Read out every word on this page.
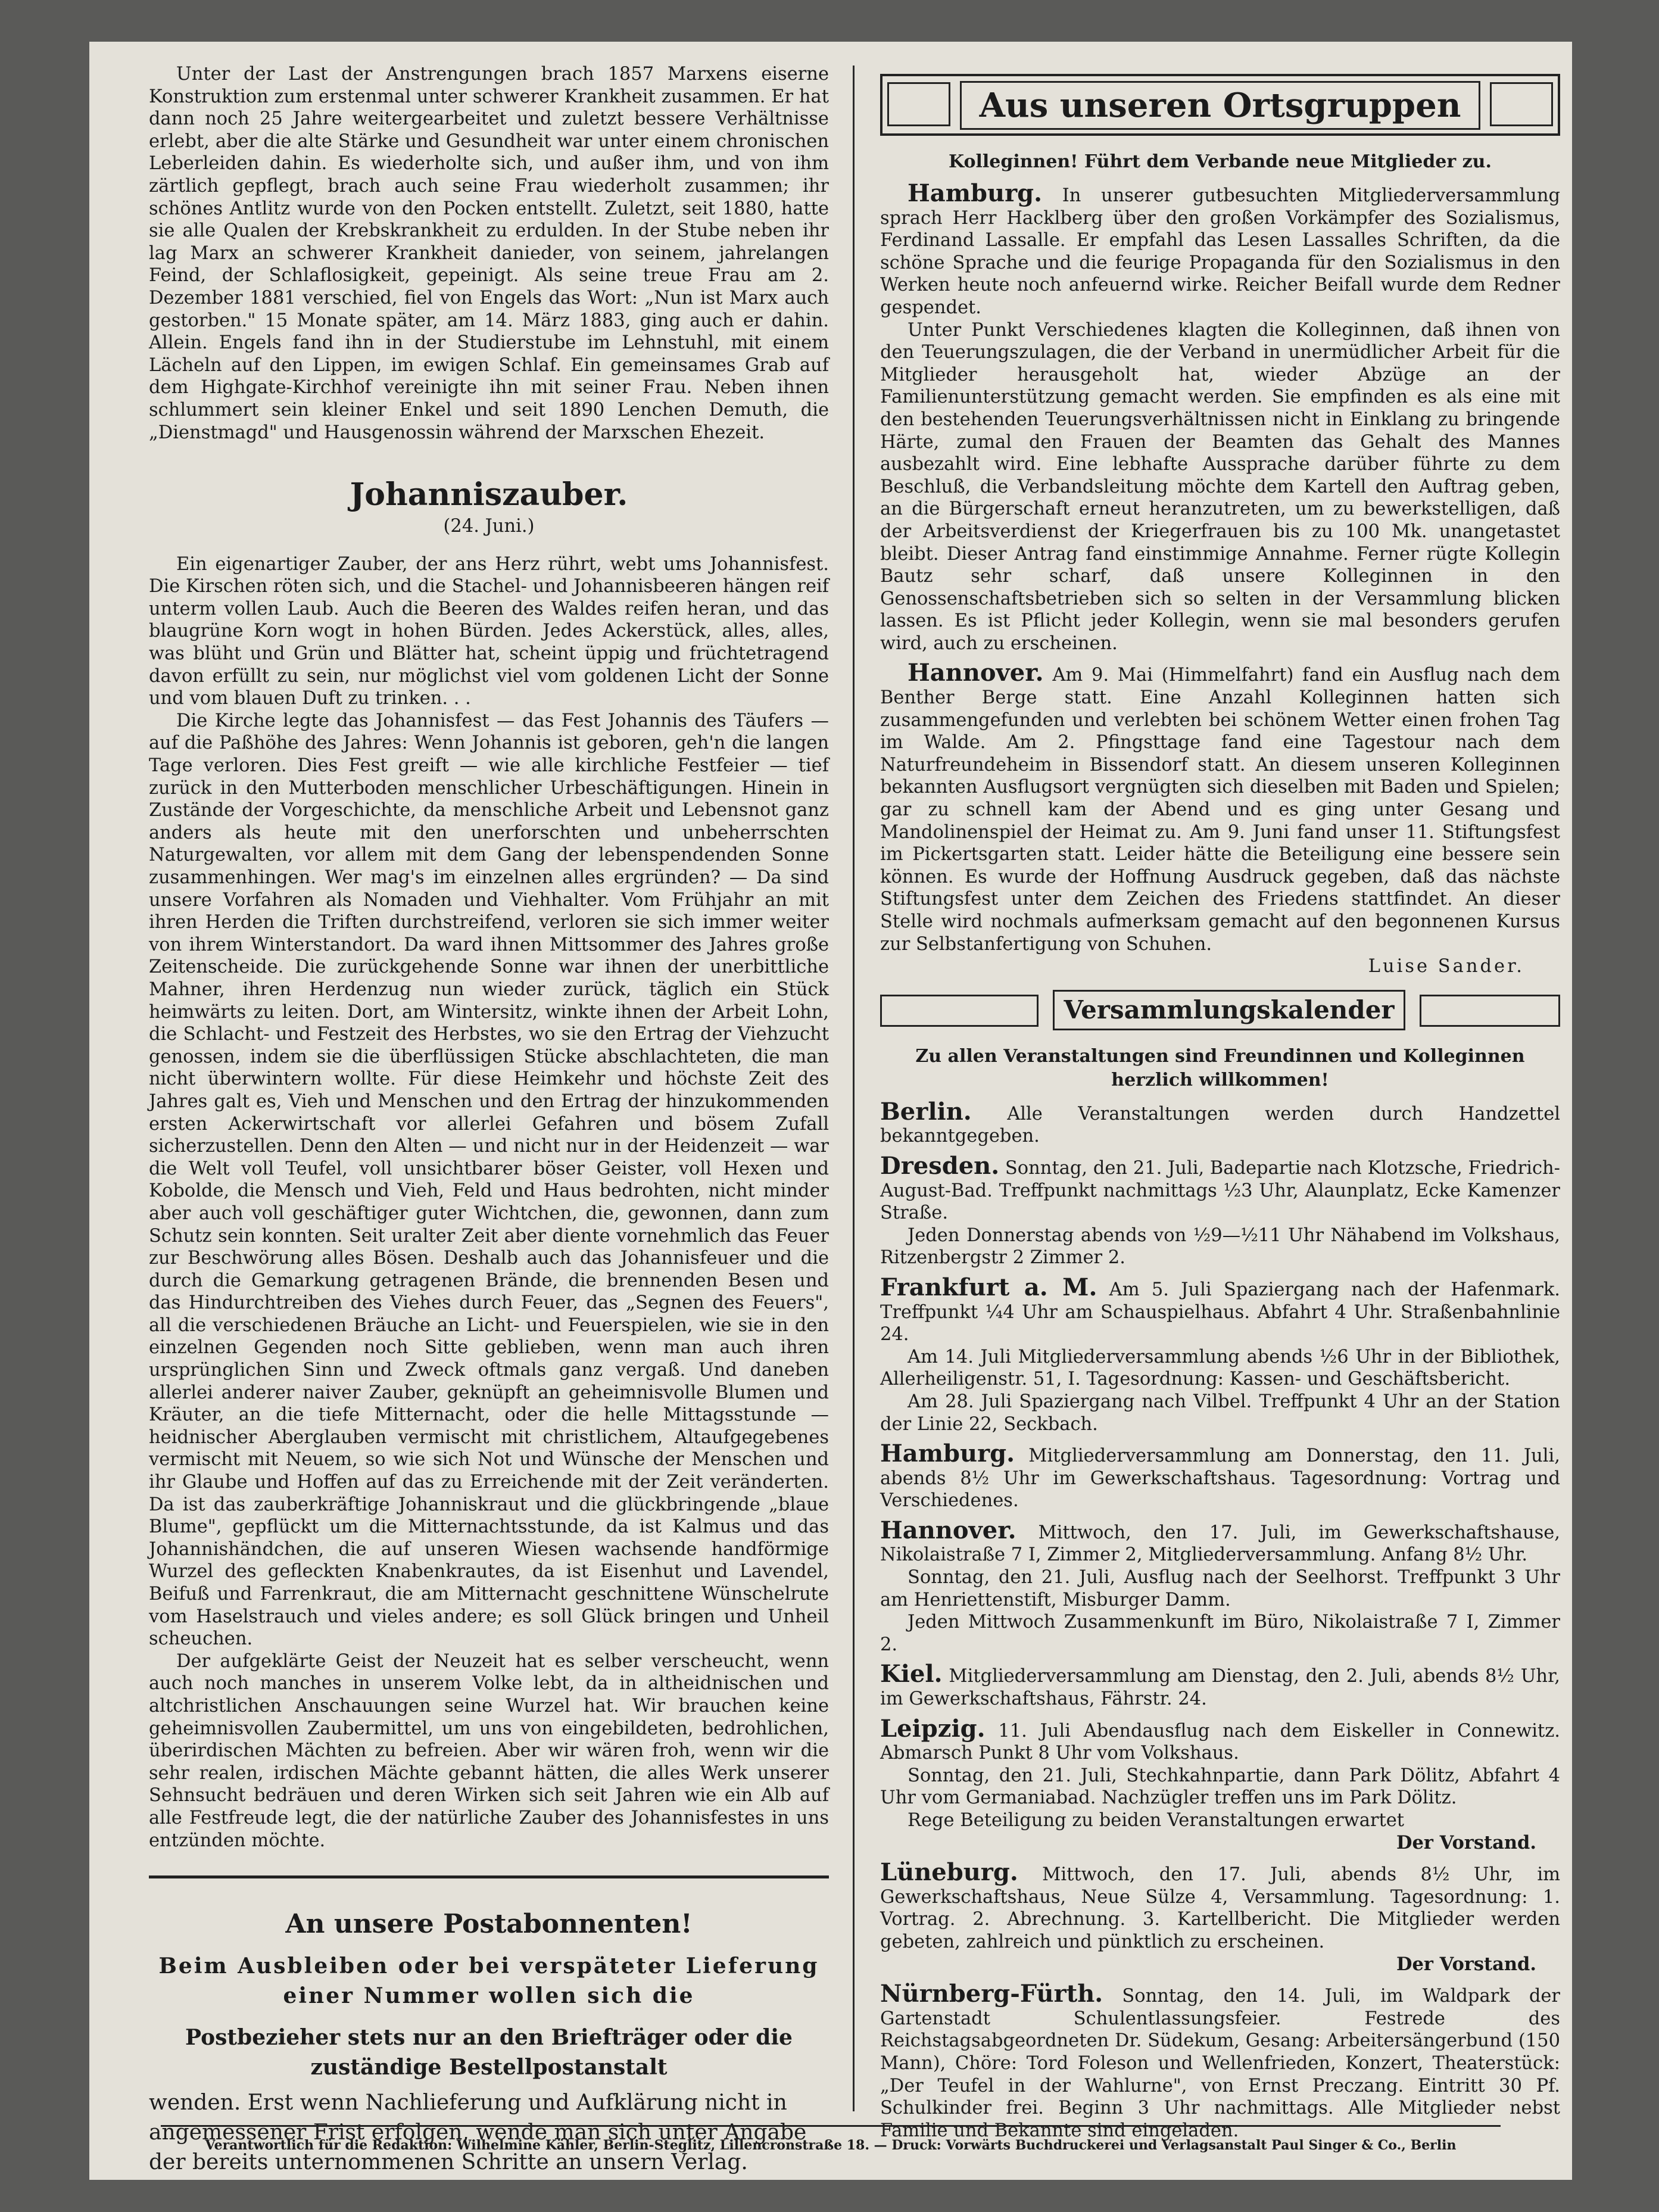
Unter der Last der Anstrengungen brach 1857 Marxens eiserne Konstruktion zum erstenmal unter schwerer Krankheit zusammen. Er hat dann noch 25 Jahre weitergearbeitet und zuletzt bessere Verhältnisse erlebt, aber die alte Stärke und Gesundheit war unter einem chronischen Leberleiden dahin. Es wiederholte sich, und außer ihm, und von ihm zärtlich gepflegt, brach auch seine Frau wiederholt zusammen; ihr schönes Antlitz wurde von den Pocken entstellt. Zuletzt, seit 1880, hatte sie alle Qualen der Krebskrankheit zu erdulden. In der Stube neben ihr lag Marx an schwerer Krankheit danieder, von seinem, jahrelangen Feind, der Schlaflosigkeit, gepeinigt. Als seine treue Frau am 2. Dezember 1881 verschied, fiel von Engels das Wort: „Nun ist Marx auch gestorben." 15 Monate später, am 14. März 1883, ging auch er dahin. Allein. Engels fand ihn in der Studierstube im Lehnstuhl, mit einem Lächeln auf den Lippen, im ewigen Schlaf. Ein gemeinsames Grab auf dem Highgate-Kirchhof vereinigte ihn mit seiner Frau. Neben ihnen schlummert sein kleiner Enkel und seit 1890 Lenchen Demuth, die „Dienstmagd" und Hausgenossin während der Marxschen Ehezeit.

Johanniszauber.
(24. Juni.)

Ein eigenartiger Zauber, der ans Herz rührt, webt ums Johannisfest. Die Kirschen röten sich, und die Stachel- und Johannisbeeren hängen reif unterm vollen Laub. Auch die Beeren des Waldes reifen heran, und das blaugrüne Korn wogt in hohen Bürden. Jedes Ackerstück, alles, alles, was blüht und Grün und Blätter hat, scheint üppig und früchtetragend davon erfüllt zu sein, nur möglichst viel vom goldenen Licht der Sonne und vom blauen Duft zu trinken. . .

Die Kirche legte das Johannisfest — das Fest Johannis des Täufers — auf die Paßhöhe des Jahres: Wenn Johannis ist geboren, geh'n die langen Tage verloren. Dies Fest greift — wie alle kirchliche Festfeier — tief zurück in den Mutterboden menschlicher Urbeschäftigungen. Hinein in Zustände der Vorgeschichte, da menschliche Arbeit und Lebensnot ganz anders als heute mit den unerforschten und unbeherrschten Naturgewalten, vor allem mit dem Gang der lebenspendenden Sonne zusammenhingen. Wer mag's im einzelnen alles ergründen? — Da sind unsere Vorfahren als Nomaden und Viehhalter. Vom Frühjahr an mit ihren Herden die Triften durchstreifend, verloren sie sich immer weiter von ihrem Winterstandort. Da ward ihnen Mittsommer des Jahres große Zeitenscheide. Die zurückgehende Sonne war ihnen der unerbittliche Mahner, ihren Herdenzug nun wieder zurück, täglich ein Stück heimwärts zu leiten. Dort, am Wintersitz, winkte ihnen der Arbeit Lohn, die Schlacht- und Festzeit des Herbstes, wo sie den Ertrag der Viehzucht genossen, indem sie die überflüssigen Stücke abschlachteten, die man nicht überwintern wollte. Für diese Heimkehr und höchste Zeit des Jahres galt es, Vieh und Menschen und den Ertrag der hinzukommenden ersten Ackerwirtschaft vor allerlei Gefahren und bösem Zufall sicherzustellen. Denn den Alten — und nicht nur in der Heidenzeit — war die Welt voll Teufel, voll unsichtbarer böser Geister, voll Hexen und Kobolde, die Mensch und Vieh, Feld und Haus bedrohten, nicht minder aber auch voll geschäftiger guter Wichtchen, die, gewonnen, dann zum Schutz sein konnten. Seit uralter Zeit aber diente vornehmlich das Feuer zur Beschwörung alles Bösen. Deshalb auch das Johannisfeuer und die durch die Gemarkung getragenen Brände, die brennenden Besen und das Hindurchtreiben des Viehes durch Feuer, das „Segnen des Feuers", all die verschiedenen Bräuche an Licht- und Feuerspielen, wie sie in den einzelnen Gegenden noch Sitte geblieben, wenn man auch ihren ursprünglichen Sinn und Zweck oftmals ganz vergaß. Und daneben allerlei anderer naiver Zauber, geknüpft an geheimnisvolle Blumen und Kräuter, an die tiefe Mitternacht, oder die helle Mittagsstunde — heidnischer Aberglauben vermischt mit christlichem, Altaufgegebenes vermischt mit Neuem, so wie sich Not und Wünsche der Menschen und ihr Glaube und Hoffen auf das zu Erreichende mit der Zeit veränderten. Da ist das zauberkräftige Johanniskraut und die glückbringende „blaue Blume", gepflückt um die Mitternachtsstunde, da ist Kalmus und das Johannishändchen, die auf unseren Wiesen wachsende handförmige Wurzel des gefleckten Knabenkrautes, da ist Eisenhut und Lavendel, Beifuß und Farrenkraut, die am Mitternacht geschnittene Wünschelrute vom Haselstrauch und vieles andere; es soll Glück bringen und Unheil scheuchen.

Der aufgeklärte Geist der Neuzeit hat es selber verscheucht, wenn auch noch manches in unserem Volke lebt, da in altheidnischen und altchristlichen Anschauungen seine Wurzel hat. Wir brauchen keine geheimnisvollen Zaubermittel, um uns von eingebildeten, bedrohlichen, überirdischen Mächten zu befreien. Aber wir wären froh, wenn wir die sehr realen, irdischen Mächte gebannt hätten, die alles Werk unserer Sehnsucht bedräuen und deren Wirken sich seit Jahren wie ein Alb auf alle Festfreude legt, die der natürliche Zauber des Johannisfestes in uns entzünden möchte.

An unsere Postabonnenten!
Beim Ausbleiben oder bei verspäteter Lieferung einer Nummer wollen sich die
Postbezieher stets nur an den Briefträger oder die zuständige Bestellpostanstalt
wenden. Erst wenn Nachlieferung und Aufklärung nicht in angemessener Frist erfolgen, wende man sich unter Angabe der bereits unternommenen Schritte an unsern Verlag.
Aus unseren Ortsgruppen
Kolleginnen! Führt dem Verbande neue Mitglieder zu.

Hamburg. In unserer gutbesuchten Mitgliederversammlung sprach Herr Hacklberg über den großen Vorkämpfer des Sozialismus, Ferdinand Lassalle. Er empfahl das Lesen Lassalles Schriften, da die schöne Sprache und die feurige Propaganda für den Sozialismus in den Werken heute noch anfeuernd wirke. Reicher Beifall wurde dem Redner gespendet.

Unter Punkt Verschiedenes klagten die Kolleginnen, daß ihnen von den Teuerungszulagen, die der Verband in unermüdlicher Arbeit für die Mitglieder herausgeholt hat, wieder Abzüge an der Familienunterstützung gemacht werden. Sie empfinden es als eine mit den bestehenden Teuerungsverhältnissen nicht in Einklang zu bringende Härte, zumal den Frauen der Beamten das Gehalt des Mannes ausbezahlt wird. Eine lebhafte Aussprache darüber führte zu dem Beschluß, die Verbandsleitung möchte dem Kartell den Auftrag geben, an die Bürgerschaft erneut heranzutreten, um zu bewerkstelligen, daß der Arbeitsverdienst der Kriegerfrauen bis zu 100 Mk. unangetastet bleibt. Dieser Antrag fand einstimmige Annahme. Ferner rügte Kollegin Bautz sehr scharf, daß unsere Kolleginnen in den Genossenschaftsbetrieben sich so selten in der Versammlung blicken lassen. Es ist Pflicht jeder Kollegin, wenn sie mal besonders gerufen wird, auch zu erscheinen.

Hannover. Am 9. Mai (Himmelfahrt) fand ein Ausflug nach dem Benther Berge statt. Eine Anzahl Kolleginnen hatten sich zusammengefunden und verlebten bei schönem Wetter einen frohen Tag im Walde. Am 2. Pfingsttage fand eine Tagestour nach dem Naturfreundeheim in Bissendorf statt. An diesem unseren Kolleginnen bekannten Ausflugsort vergnügten sich dieselben mit Baden und Spielen; gar zu schnell kam der Abend und es ging unter Gesang und Mandolinenspiel der Heimat zu. Am 9. Juni fand unser 11. Stiftungsfest im Pickertsgarten statt. Leider hätte die Beteiligung eine bessere sein können. Es wurde der Hoffnung Ausdruck gegeben, daß das nächste Stiftungsfest unter dem Zeichen des Friedens stattfindet. An dieser Stelle wird nochmals aufmerksam gemacht auf den begonnenen Kursus zur Selbstanfertigung von Schuhen.

Luise Sander.
Versammlungskalender
Zu allen Veranstaltungen sind Freundinnen und Kolleginnen herzlich willkommen!
Berlin. Alle Veranstaltungen werden durch Handzettel bekanntgegeben.
Dresden. Sonntag, den 21. Juli, Badepartie nach Klotzsche, Friedrich-August-Bad. Treffpunkt nachmittags ½3 Uhr, Alaunplatz, Ecke Kamenzer Straße.

Jeden Donnerstag abends von ½9—½11 Uhr Nähabend im Volkshaus, Ritzenbergstr 2 Zimmer 2.

Frankfurt a. M. Am 5. Juli Spaziergang nach der Hafenmark. Treffpunkt ¼4 Uhr am Schauspielhaus. Abfahrt 4 Uhr. Straßenbahnlinie 24.

Am 14. Juli Mitgliederversammlung abends ½6 Uhr in der Bibliothek, Allerheiligenstr. 51, I. Tagesordnung: Kassen- und Geschäftsbericht.

Am 28. Juli Spaziergang nach Vilbel. Treffpunkt 4 Uhr an der Station der Linie 22, Seckbach.

Hamburg. Mitgliederversammlung am Donnerstag, den 11. Juli, abends 8½ Uhr im Gewerkschaftshaus. Tagesordnung: Vortrag und Verschiedenes.
Hannover. Mittwoch, den 17. Juli, im Gewerkschaftshause, Nikolaistraße 7 I, Zimmer 2, Mitgliederversammlung. Anfang 8½ Uhr.

Sonntag, den 21. Juli, Ausflug nach der Seelhorst. Treffpunkt 3 Uhr am Henriettenstift, Misburger Damm.

Jeden Mittwoch Zusammenkunft im Büro, Nikolaistraße 7 I, Zimmer 2.

Kiel. Mitgliederversammlung am Dienstag, den 2. Juli, abends 8½ Uhr, im Gewerkschaftshaus, Fährstr. 24.
Leipzig. 11. Juli Abendausflug nach dem Eiskeller in Connewitz. Abmarsch Punkt 8 Uhr vom Volkshaus.

Sonntag, den 21. Juli, Stechkahnpartie, dann Park Dölitz, Abfahrt 4 Uhr vom Germaniabad. Nachzügler treffen uns im Park Dölitz.

Rege Beteiligung zu beiden Veranstaltungen erwartet

Der Vorstand.
Lüneburg. Mittwoch, den 17. Juli, abends 8½ Uhr, im Gewerkschaftshaus, Neue Sülze 4, Versammlung. Tagesordnung: 1. Vortrag. 2. Abrechnung. 3. Kartellbericht. Die Mitglieder werden gebeten, zahlreich und pünktlich zu erscheinen.
Der Vorstand.
Nürnberg-Fürth. Sonntag, den 14. Juli, im Waldpark der Gartenstadt Schulentlassungsfeier. Festrede des Reichstagsabgeordneten Dr. Südekum, Gesang: Arbeitersängerbund (150 Mann), Chöre: Tord Foleson und Wellenfrieden, Konzert, Theaterstück: „Der Teufel in der Wahlurne", von Ernst Preczang. Eintritt 30 Pf. Schulkinder frei. Beginn 3 Uhr nachmittags. Alle Mitglieder nebst Familie und Bekannte sind eingeladen.
Verantwortlich für die Redaktion: Wilhelmine Kähler, Berlin-Steglitz, Lillencronstraße 18. — Druck: Vorwärts Buchdruckerei und Verlagsanstalt Paul Singer & Co., Berlin
